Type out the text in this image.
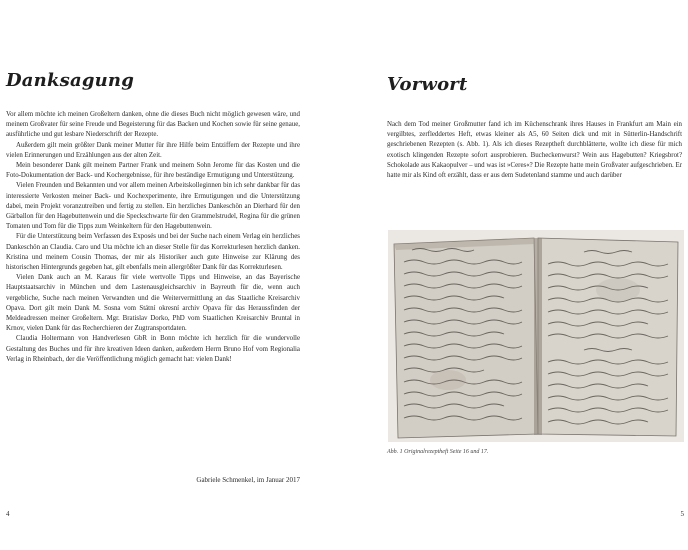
Danksagung

Vor allem möchte ich meinen Großeltern danken, ohne die dieses Buch nicht möglich gewesen wäre, und meinem Großvater für seine Freude und Begeisterung für das Backen und Kochen sowie für seine genaue, ausführliche und gut lesbare Niederschrift der Rezepte.

Außerdem gilt mein größter Dank meiner Mutter für ihre Hilfe beim Entziffern der Rezepte und ihre vielen Erinnerungen und Erzählungen aus der alten Zeit.

Mein besonderer Dank gilt meinem Partner Frank und meinem Sohn Jerome für das Kosten und die Foto-Dokumentation der Back- und Kochergebnisse, für ihre beständige Ermutigung und Unterstützung.

Vielen Freunden und Bekannten und vor allem meinen Arbeitskolleginnen bin ich sehr dankbar für das interessierte Verkosten meiner Back- und Kochexperimente, ihre Ermutigungen und die Unterstützung dabei, mein Projekt voranzutreiben und fertig zu stellen. Ein herzliches Dankeschön an Dierhard für den Gärballon für den Hagebuttenwein und die Speckschwarte für den Grammelstrudel, Regina für die grünen Tomaten und Tom für die Tipps zum Weinkeltern für den Hagebuttenwein.

Für die Unterstützung beim Verfassen des Exposés und bei der Suche nach einem Verlag ein herzliches Dankeschön an Claudia. Caro und Uta möchte ich an dieser Stelle für das Korrekturlesen herzlich danken. Kristina und meinem Cousin Thomas, der mir als Historiker auch gute Hinweise zur Klärung des historischen Hintergrunds gegeben hat, gilt ebenfalls mein allergrößter Dank für das Korrekturlesen.

Vielen Dank auch an M. Karaus für viele wertvolle Tipps und Hinweise, an das Bayerische Hauptstaatsarchiv in München und dem Lastenausgleichsarchiv in Bayreuth für die, wenn auch vergebliche, Suche nach meinen Verwandten und die Weitervermittlung an das Staatliche Kreisarchiv Opava. Dort gilt mein Dank M. Sosna vom Státní okresní archiv Opava für das Heraussfinden der Meldeadressen meiner Großeltern. Mgr. Bratislav Dorko, PhD vom Staatlichen Kreisarchiv Bruntal in Krnov, vielen Dank für das Recherchieren der Zugtransportdaten.

Claudia Holtermann von Handverlesen GbR in Bonn möchte ich herzlich für die wundervolle Gestaltung des Buches und für ihre kreativen Ideen danken, außerdem Herrn Bruno Hof vom Regionalia Verlag in Rheinbach, der die Veröffentlichung möglich gemacht hat: vielen Dank!

Gabriele Schmenkel, im Januar 2017
4
Vorwort

Nach dem Tod meiner Großmutter fand ich im Küchenschrank ihres Hauses in Frankfurt am Main ein vergilbtes, zerfleddertes Heft, etwas kleiner als A5, 60 Seiten dick und mit in Sütterlin-Handschrift geschriebenen Rezepten (s. Abb. 1). Als ich dieses Rezeptheft durchblätterte, wollte ich diese für mich exotisch klingenden Rezepte sofort ausprobieren. Bucheckenwurst? Wein aus Hagebutten? Kriegsbrot? Schokolade aus Kakaopulver – und was ist »Ceres«? Die Rezepte hatte mein Großvater aufgeschrieben. Er hatte mir als Kind oft erzählt, dass er aus dem Sudetenland stamme und auch darüber

Abb. 1 Originalrezeptheft Seite 16 und 17.
5
